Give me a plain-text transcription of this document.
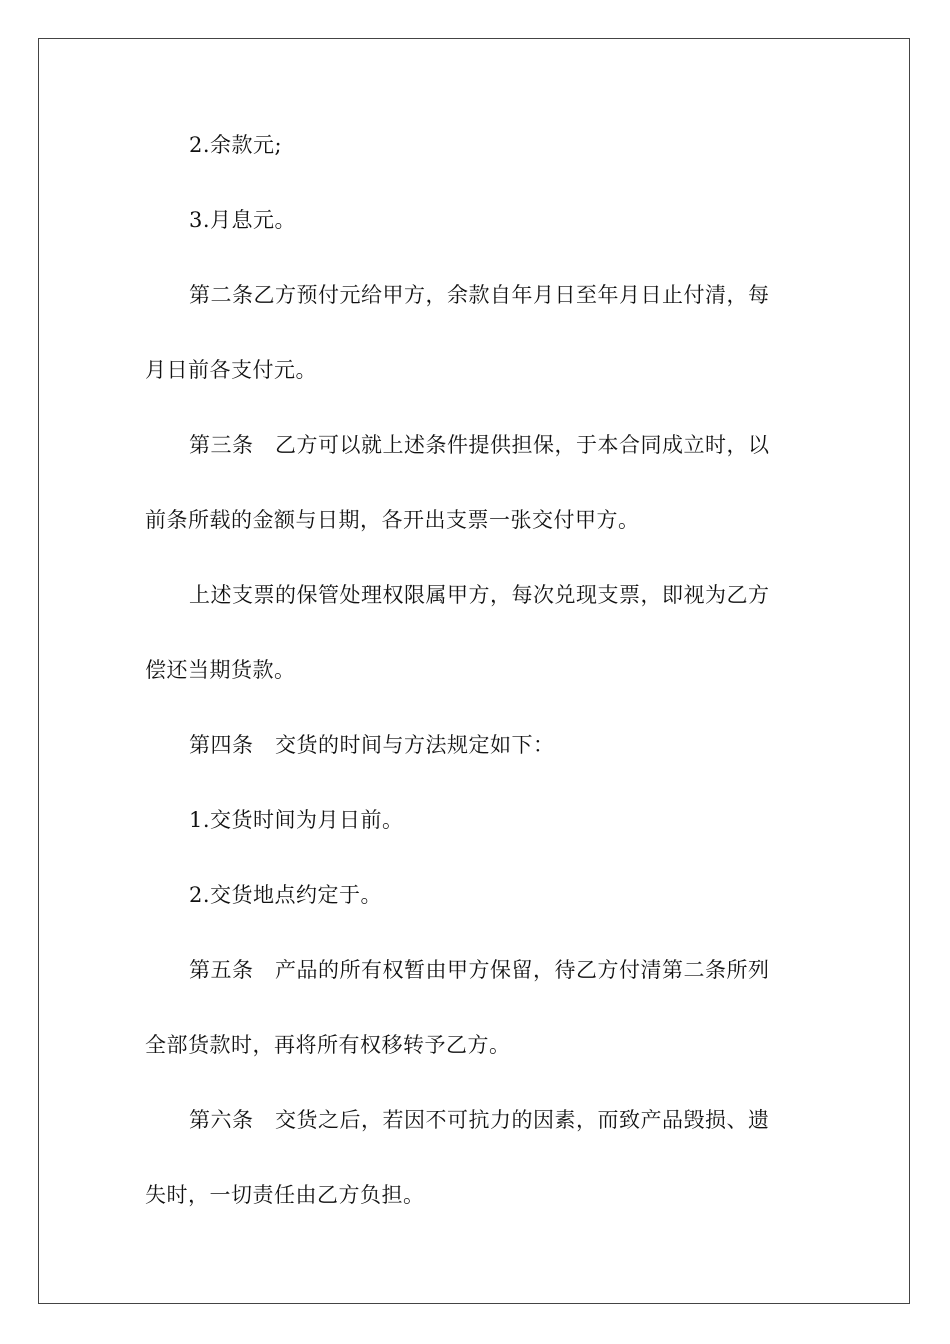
2.余款元;
3.月息元。
第二条乙方预付元给甲方，余款自年月日至年月日止付清，每
月日前各支付元。
第三条　乙方可以就上述条件提供担保，于本合同成立时，以
前条所载的金额与日期，各开出支票一张交付甲方。
上述支票的保管处理权限属甲方，每次兑现支票，即视为乙方
偿还当期货款。
第四条　交货的时间与方法规定如下：
1.交货时间为月日前。
2.交货地点约定于。
第五条　产品的所有权暂由甲方保留，待乙方付清第二条所列
全部货款时，再将所有权移转予乙方。
第六条　交货之后，若因不可抗力的因素，而致产品毁损、遗
失时，一切责任由乙方负担。
